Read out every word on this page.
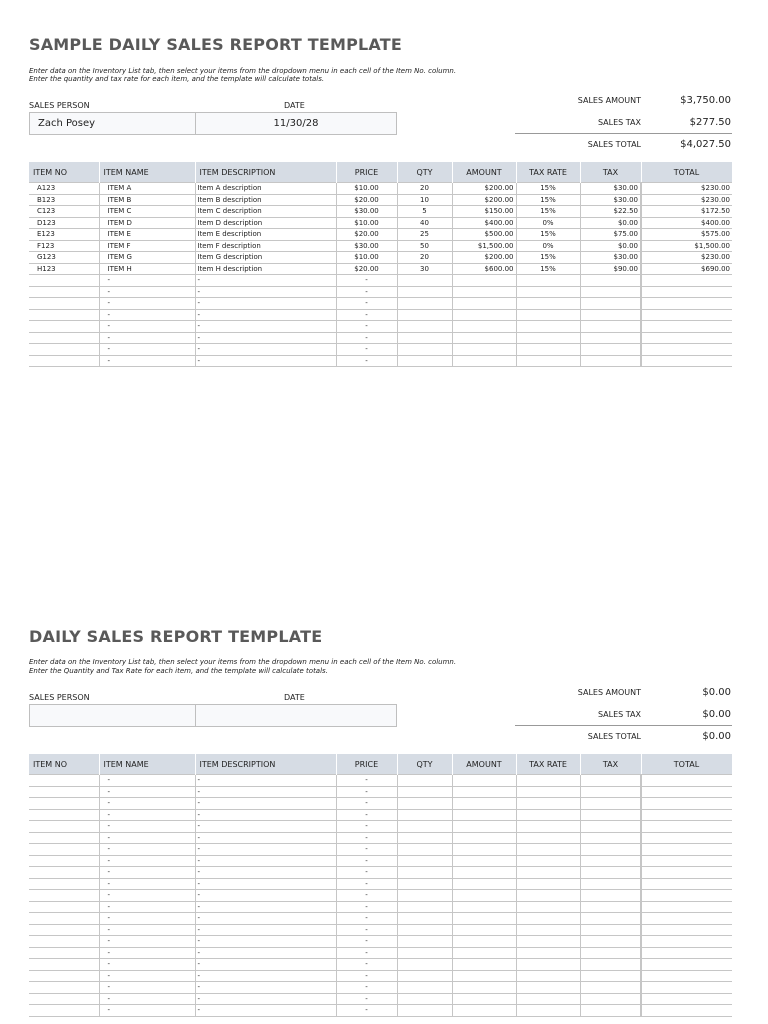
SAMPLE DAILY SALES REPORT TEMPLATE
Enter data on the Inventory List tab, then select your items from the dropdown menu in each cell of the Item No. column.
Enter the quantity and tax rate for each item, and the template will calculate totals.
SALES PERSON	DATE
Zach Posey	11/30/28
SALES AMOUNT	$3,750.00
SALES TAX	$277.50
SALES TOTAL	$4,027.50
ITEM NO	ITEM NAME	ITEM DESCRIPTION	PRICE	QTY	AMOUNT	TAX RATE	TAX	TOTAL
A123	ITEM A	Item A description	$10.00	20	$200.00	15%	$30.00	$230.00
B123	ITEM B	Item B description	$20.00	10	$200.00	15%	$30.00	$230.00
C123	ITEM C	Item C description	$30.00	5	$150.00	15%	$22.50	$172.50
D123	ITEM D	Item D description	$10.00	40	$400.00	0%	$0.00	$400.00
E123	ITEM E	Item E description	$20.00	25	$500.00	15%	$75.00	$575.00
F123	ITEM F	Item F description	$30.00	50	$1,500.00	0%	$0.00	$1,500.00
G123	ITEM G	Item G description	$10.00	20	$200.00	15%	$30.00	$230.00
H123	ITEM H	Item H description	$20.00	30	$600.00	15%	$90.00	$690.00
	-	-	-					
	-	-	-					
	-	-	-					
	-	-	-					
	-	-	-					
	-	-	-					
	-	-	-					
	-	-	-					
DAILY SALES REPORT TEMPLATE
Enter data on the Inventory List tab, then select your items from the dropdown menu in each cell of the Item No. column.
Enter the Quantity and Tax Rate for each item, and the template will calculate totals.
SALES PERSON	DATE
SALES AMOUNT	$0.00
SALES TAX	$0.00
SALES TOTAL	$0.00
ITEM NO	ITEM NAME	ITEM DESCRIPTION	PRICE	QTY	AMOUNT	TAX RATE	TAX	TOTAL
	-	-	-					
	-	-	-					
	-	-	-					
	-	-	-					
	-	-	-					
	-	-	-					
	-	-	-					
	-	-	-					
	-	-	-					
	-	-	-					
	-	-	-					
	-	-	-					
	-	-	-					
	-	-	-					
	-	-	-					
	-	-	-					
	-	-	-					
	-	-	-					
	-	-	-					
	-	-	-					
	-	-	-					
